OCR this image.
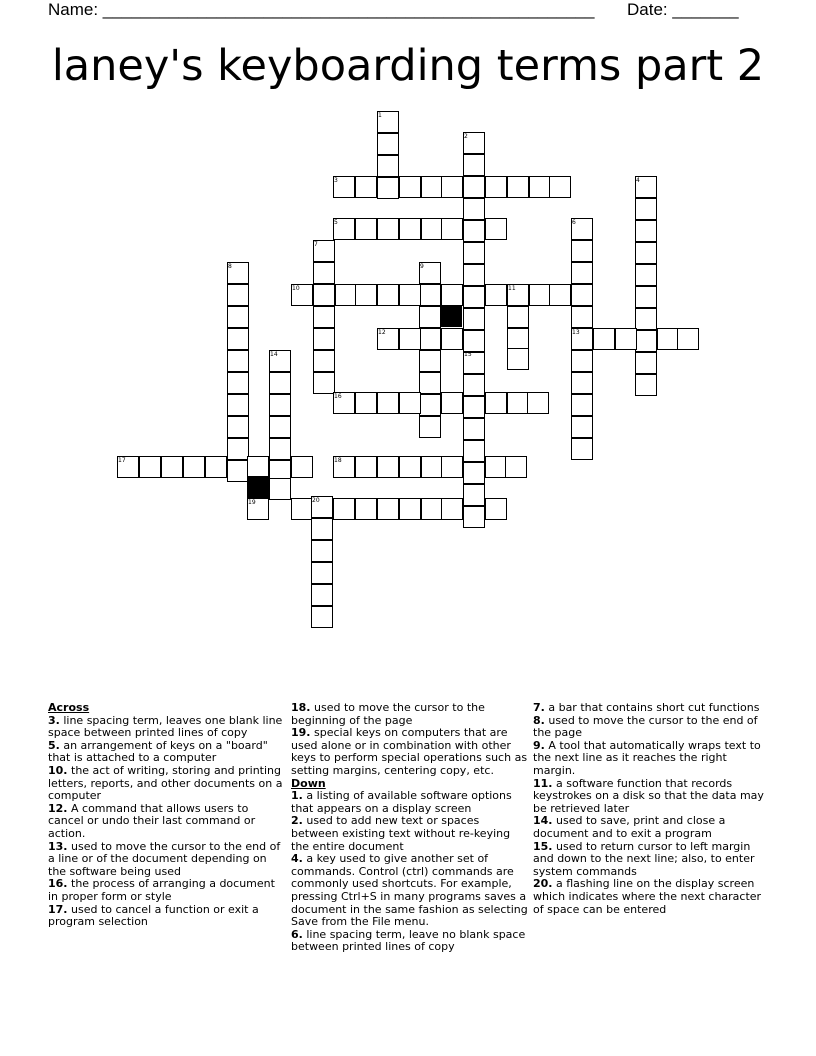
Name: ____________________________________________________ Date: _______
laney's keyboarding terms part 2
1
2
3	4
5	6
7
8	9
10	11
12	13
14	15
16
17	18
19	20
Across
3. line spacing term, leaves one blank line space between printed lines of copy
5. an arrangement of keys on a "board" that is attached to a computer
10. the act of writing, storing and printing letters, reports, and other documents on a computer
12. A command that allows users to cancel or undo their last command or action.
13. used to move the cursor to the end of a line or of the document depending on the software being used
16. the process of arranging a document in proper form or style
17. used to cancel a function or exit a program selection
18. used to move the cursor to the beginning of the page
19. special keys on computers that are used alone or in combination with other keys to perform special operations such as setting margins, centering copy, etc.
Down
1. a listing of available software options that appears on a display screen
2. used to add new text or spaces between existing text without re-keying the entire document
4. a key used to give another set of commands. Control (ctrl) commands are commonly used shortcuts. For example, pressing Ctrl+S in many programs saves a document in the same fashion as selecting Save from the File menu.
6. line spacing term, leave no blank space between printed lines of copy
7. a bar that contains short cut functions
8. used to move the cursor to the end of the page
9. A tool that automatically wraps text to the next line as it reaches the right margin.
11. a software function that records keystrokes on a disk so that the data may be retrieved later
14. used to save, print and close a document and to exit a program
15. used to return cursor to left margin and down to the next line; also, to enter system commands
20. a flashing line on the display screen which indicates where the next character of space can be entered
